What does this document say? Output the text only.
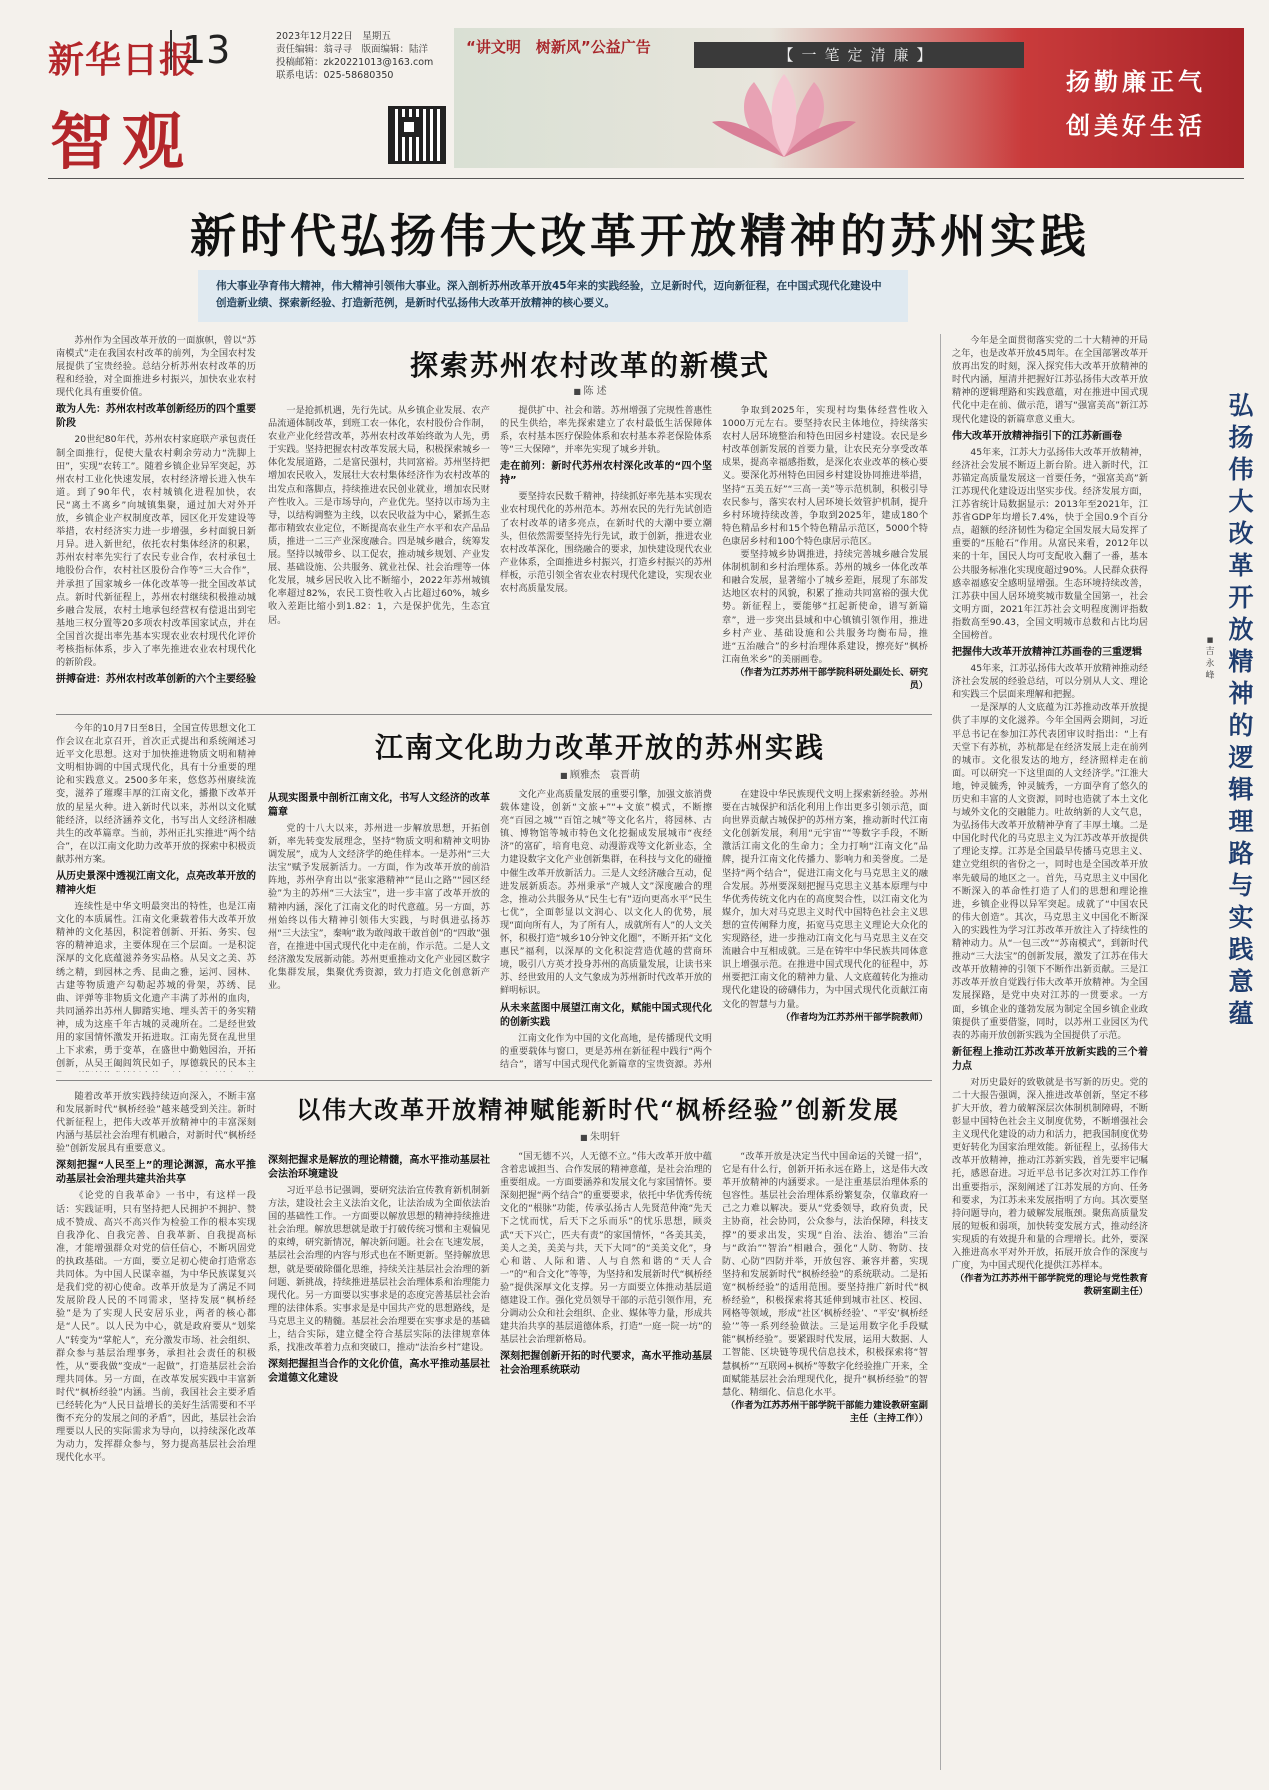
新华日报
13
智观
2023年12月22日　星期五
责任编辑：翁寻寻　版面编辑：陆洋
投稿邮箱：zk20221013@163.com
联系电话：025-58680350
“讲文明　树新风”公益广告	【一笔定清廉】
扬勤廉正气
创美好生活
新时代弘扬伟大改革开放精神的苏州实践
伟大事业孕育伟大精神，伟大精神引领伟大事业。深入剖析苏州改革开放45年来的实践经验，立足新时代，迈向新征程，在中国式现代化建设中创造新业绩、探索新经验、打造新范例，是新时代弘扬伟大改革开放精神的核心要义。
弘扬伟大改革开放精神的逻辑理路与实践意蕴
■ 吉永峰
探索苏州农村改革的新模式
■ 陈 述

苏州作为全国改革开放的一面旗帜，曾以“苏南模式”走在我国农村改革的前列，为全国农村发展提供了宝贵经验。总结分析苏州农村改革的历程和经验，对全面推进乡村振兴，加快农业农村现代化具有重要价值。

敢为人先：苏州农村改革创新经历的四个重要阶段

20世纪80年代，苏州农村家庭联产承包责任制全面推行，促使大量农村剩余劳动力“洗脚上田”，实现“农转工”。随着乡镇企业异军突起，苏州农村工业化快速发展，农村经济增长进入快车道。到了90年代，农村城镇化进程加快，农民“离土不离乡”向城镇集聚，通过加大对外开放，乡镇企业产权制度改革，园区化开发建设等举措，农村经济实力进一步增强，乡村面貌日新月异。进入新世纪，依托农村集体经济的积累，苏州农村率先实行了农民专业合作，农村承包土地股份合作，农村社区股份合作等“三大合作”，并承担了国家城乡一体化改革等一批全国改革试点。新时代新征程上，苏州农村继续积极推动城乡融合发展，农村土地承包经营权有偿退出到宅基地三权分置等20多项农村改革国家试点，并在全国首次提出率先基本实现农业农村现代化评价考核指标体系，步入了率先推进农业农村现代化的新阶段。

拼搏奋进：苏州农村改革创新的六个主要经验

一是抢抓机遇，先行先试。从乡镇企业发展、农产品流通体制改革，到班工农一体化，农村股份合作制，农业产业化经营改革，苏州农村改革始终敢为人先，勇于实践。坚持把握农村改革发展大局，积极探索城乡一体化发展道路，二是富民强村，共同富裕。苏州坚持把增加农民收入，发展壮大农村集体经济作为农村改革的出发点和落脚点，持续推进农民创业就业，增加农民财产性收入。三是市场导向，产业优先。坚持以市场为主导，以结构调整为主线，以农民收益为中心，紧抓生态都市精致农业定位，不断提高农业生产水平和农产品品质，推进一二三产业深度融合。四是城乡融合，统筹发展。坚持以城带乡、以工促农，推动城乡规划、产业发展、基础设施、公共服务、就业社保、社会治理等一体化发展，城乡居民收入比不断缩小，2022年苏州城镇化率超过82%，农民工资性收入占比超过60%，城乡收入差距比缩小到1.82：1，六是保护优先，生态宜居。

提供扩中、社会和谐。苏州增强了完规性普惠性的民生供给，率先探索建立了农村最低生活保障体系，农村基本医疗保险体系和农村基本养老保险体系等“三大保障”，并率先实现了城乡并轨。

走在前列：新时代苏州农村深化改革的“四个坚持”

要坚持农民数千精神，持续抓好率先基本实现农业农村现代化的苏州范本。苏州农民的先行先试创造了农村改革的诸多亮点，在新时代的大潮中要立潮头，但依然需要坚持先行先试，敢于创新，推进农业农村改革深化，围绕融合的要求，加快建设现代农业产业体系，全面推进乡村振兴，打造乡村振兴的苏州样板，示范引领全省农业农村现代化建设，实现农业农村高质量发展。

争取到2025年，实现村均集体经营性收入1000万元左右。要坚持农民主体地位，持续落实农村人居环境整治和特色田园乡村建设。农民是乡村改革创新发展的首要力量，让农民充分享受改革成果，提高幸福感指数，是深化农业改革的核心要义。要深化苏州特色田园乡村建设协同推进举措，坚持“五美五好”“三高一美”等示范机制，积极引导农民参与，落实农村人居环境长效管护机制，提升乡村环境持续改善，争取到2025年，建成180个特色精品乡村和15个特色精品示范区，5000个特色康居乡村和100个特色康居示范区。

要坚持城乡协调推进，持续完善城乡融合发展体制机制和乡村治理体系。苏州的城乡一体化改革和融合发展，显著缩小了城乡差距，展现了东部发达地区农村的风貌，积累了推动共同富裕的强大优势。新征程上，要能够“扛起新使命，谱写新篇章”，进一步突出县域和中心镇镇引领作用，推进乡村产业、基础设施和公共服务均衡布局，推进“五治融合”的乡村治理体系建设，擦亮好“枫桥江南鱼米乡”的美丽画卷。

（作者为江苏苏州干部学院科研处副处长、研究员）
江南文化助力改革开放的苏州实践
■ 顾雅杰　袁晋萌

今年的10月7日至8日，全国宣传思想文化工作会议在北京召开，首次正式提出和系统阐述习近平文化思想。这对于加快推进物质文明和精神文明相协调的中国式现代化，具有十分重要的理论和实践意义。2500多年来，悠悠苏州赓续流变，滋养了璀璨丰厚的江南文化，播撒下改革开放的星星火种。进入新时代以来，苏州以文化赋能经济，以经济涵养文化，书写出人文经济相融共生的改革篇章。当前，苏州正扎实推进“两个结合”，在以江南文化助力改革开放的探索中积极贡献苏州方案。

从历史景深中透视江南文化，点亮改革开放的精神火炬

连续性是中华文明最突出的特性，也是江南文化的本质属性。江南文化秉载着伟大改革开放精神的文化基因，积淀着创新、开拓、务实、包容的精神追求，主要体现在三个层面。一是积淀深厚的文化底蕴滋养务实品格。从吴文之美、苏绣之精，到园林之秀、昆曲之雅，运河、园林、古建等物质遗产勾勒起苏城的骨架，苏绣、昆曲、评弹等非物质文化遗产丰满了苏州的血肉，共同涵养出苏州人脚踏实地、埋头苦干的务实精神，成为这座千年古城的灵魂所在。二是经世致用的家国情怀激发开拓进取。江南先贤在乱世里上下求索，勇于变革，在盛世中勤勉园治，开拓创新，从吴王阖闾筑民如子，厚德载民的民本主

从现实图景中剖析江南文化，书写人文经济的改革篇章

党的十八大以来，苏州进一步解放思想，开拓创新，率先转变发展理念，坚持“物质文明和精神文明协调发展”，成为人文经济学的绝佳样本。一是苏州“三大法宝”赋予发展新活力。一方面，作为改革开放的前沿阵地，苏州孕育出以“张家港精神”“昆山之路”“园区经验”为主的苏州“三大法宝”，进一步丰富了改革开放的精神内涵，深化了江南文化的时代意蕴。另一方面，苏州始终以伟大精神引领伟大实践，与时俱进弘扬苏州“三大法宝”，秦响“敢为敢闯敢干敢首创”的“四敢”强音，在推进中国式现代化中走在前，作示范。二是人文经济激发发展新动能。苏州更重推动文化产业园区数字化集群发展，集聚优秀资源，致力打造文化创意新产业。

文化产业高质量发展的重要引擎，加强文旅消费载体建设，创新“文旅+”“+文旅”模式，不断擦亮“百园之城”“百馆之城”等文化名片，将园林、古镇、博物馆等城市特色文化挖掘成发展城市“夜经济”的富矿，培育电竞、动漫游戏等文化新业态，全力建设数字文化产业创新集群，在科技与文化的碰撞中催生改革开放新活力。三是人文经济融合互动，促进发展新质态。苏州秉承“产城人文”深度融合的理念，推动公共服务从“民生七有”迈向更高水平“民生七优”，全面彰显以文润心、以文化人的优势，展现“面向所有人，为了所有人，成就所有人”的人文关怀，积极打造“城乡10分钟文化圈”，不断开拓“文化惠民”福利，以深厚的文化积淀营造优越的营商环境，吸引八方英才投身苏州的高质量发展，让读书来苏、经世致用的人文气象成为苏州新时代改革开放的鲜明标识。

从未来蓝图中展望江南文化，赋能中国式现代化的创新实践

江南文化作为中国的文化高地，是传播现代文明的重要载体与窗口，更是苏州在新征程中践行“两个结合”，谱写中国式现代化新篇章的宝贵资源。苏州

在建设中华民族现代文明上探索新经验。苏州要在古城保护和活化利用上作出更多引领示范，面向世界贡献古城保护的苏州方案，推动新时代江南文化创新发展，利用“元宇宙”“等数字手段，不断激活江南文化的生命力；全力打响“江南文化”品牌，提升江南文化传播力、影响力和美誉度。二是坚持“两个结合”，促进江南文化与马克思主义的融合发展。苏州要深刻把握马克思主义基本原理与中华优秀传统文化内在的高度契合性，以江南文化为媒介，加大对马克思主义时代中国特色社会主义思想的宣传阐释力度，拓宽马克思主义理论大众化的实现路径，进一步推动江南文化与马克思主义在交流融合中互相成就。三是在铸牢中华民族共同体意识上增强示范。在推进中国式现代化的征程中，苏州要把江南文化的精神力量、人文底蕴转化为推动现代化建设的磅礴伟力，为中国式现代化贡献江南文化的智慧与力量。

（作者均为江苏苏州干部学院教师）
以伟大改革开放精神赋能新时代“枫桥经验”创新发展
■ 朱明轩

随着改革开放实践持续迈向深入，不断丰富和发展新时代“枫桥经验”越来越受到关注。新时代新征程上，把伟大改革开放精神中的丰富深刻内涵与基层社会治理有机融合，对新时代“枫桥经验”创新发展具有重要意义。

深刻把握“人民至上”的理论渊源，高水平推动基层社会治理共建共治共享

《论党的自我革命》一书中，有这样一段话：实践证明，只有坚持把人民拥护不拥护、赞成不赞成、高兴不高兴作为检验工作的根本实现自我净化、自我完善、自我革新、自我提高标准，才能增强群众对党的信任信心，不断巩固党的执政基础。一方面，要立足初心使命打造常态共同体。为中国人民谋幸福，为中华民族谋复兴是我们党的初心使命。改革开放是为了满足不同发展阶段人民的不同需求，坚持发展“枫桥经验”是为了实现人民安居乐业，两者的核心都是“人民”。以人民为中心，就是政府要从“划桨人”转变为“掌舵人”，充分激发市场、社会组织、群众参与基层治理事务，承担社会责任的积极性，从“要我做”变成“一起做”，打造基层社会治理共同体。另一方面，在改革发展实践中丰富新时代“枫桥经验”内涵。当前，我国社会主要矛盾已经转化为“人民日益增长的美好生活需要和不平衡不充分的发展之间的矛盾”，因此，基层社会治理要以人民的实际需求为导向，以持续深化改革为动力，发挥群众参与，努力提高基层社会治理现代化水平。

深刻把握求是解放的理论精髓，高水平推动基层社会法治环境建设

习近平总书记强调，要研究法治宣传教育新机制新方法，建设社会主义法治文化，让法治成为全面依法治国的基础性工作。一方面要以解放思想的精神持续推进社会治理。解放思想就是敢于打破传统习惯和主观偏见的束缚，研究新情况，解决新问题。社会在飞速发展，基层社会治理的内容与形式也在不断更新。坚持解放思想，就是要破除僵化思维，持续关注基层社会治理的新问题、新挑战，持续推进基层社会治理体系和治理能力现代化。另一方面要以实事求是的态度完善基层社会治理的法律体系。实事求是是中国共产党的思想路线，是马克思主义的精髓。基层社会治理要在实事求是的基础上，结合实际，建立健全符合基层实际的法律规章体系，找准改革着力点和突破口，推动“法治乡村”建设。

深刻把握担当合作的文化价值，高水平推动基层社会道德文化建设

“国无德不兴，人无德不立。”伟大改革开放中蕴含着忠诚担当、合作发展的精神意蕴，是社会治理的重要组成。一方面要涵养和发展文化与家国情怀。要深刻把握“两个结合”的重要要求，依托中华优秀传统文化的“根脉”功能，传承弘扬古人先贤范仲淹“先天下之忧而忧，后天下之乐而乐”的忧乐思想，顾炎武“天下兴亡，匹夫有责”的家国情怀，“各美其美，美人之美，美美与共，天下大同”的“美美文化”，身心和谐、人际和谐、人与自然和谐的“天人合一”的“和合文化”等等，为坚持和发展新时代“枫桥经验”提供深厚文化支撑。另一方面要立体推动基层道德建设工作。强化党员领导干部的示范引领作用，充分调动公众和社会组织、企业、媒体等力量，形成共建共治共享的基层道德体系，打造“一庭一院一坊”的基层社会治理新格局。

深刻把握创新开拓的时代要求，高水平推动基层社会治理系统联动

“改革开放是决定当代中国命运的关键一招”，它是有什么行，创新开拓永远在路上，这是伟大改革开放精神的内涵要求。一是注重基层治理体系的包容性。基层社会治理体系纷繁复杂，仅靠政府一己之力难以解决。要从“党委领导，政府负责，民主协商，社会协同，公众参与，法治保障，科技支撑”的要求出发，实现“自治、法治、德治”三治与“政治”“智治”相融合，强化“人防、物防、技防、心防”四防并举，开放包容、兼容并蓄，实现坚持和发展新时代“枫桥经验”的系统联动。二是拓宽“枫桥经验”的适用范围。要坚持推广新时代“枫桥经验”，积极探索将其延伸到城市社区、校园、网格等领域，形成“社区‘枫桥经验’、“平安‘枫桥经验’”等一系列经验做法。三是运用数字化手段赋能“枫桥经验”。要紧跟时代发展，运用大数据、人工智能、区块链等现代信息技术，积极探索将“智慧枫桥”“互联网+枫桥”等数字化经验推广开来，全面赋能基层社会治理现代化，提升“枫桥经验”的智慧化、精细化、信息化水平。

（作者为江苏苏州干部学院干部能力建设教研室副主任（主持工作））

今年是全面贯彻落实党的二十大精神的开局之年，也是改革开放45周年。在全国部署改革开放再出发的时刻，深入探究伟大改革开放精神的时代内涵，厘清并把握好江苏弘扬伟大改革开放精神的逻辑理路和实践意蕴，对在推进中国式现代化中走在前、做示范，谱写“强富美高”新江苏现代化建设的新篇章意义重大。

伟大改革开放精神指引下的江苏新画卷

45年来，江苏大力弘扬伟大改革开放精神，经济社会发展不断迈上新台阶。进入新时代，江苏锚定高质量发展这一首要任务，“强富美高”新江苏现代化建设迈出坚实步伐。经济发展方面，江苏省统计局数据显示：2013年至2021年，江苏省GDP年均增长7.4%，快于全国0.9个百分点，超额的经济韧性为稳定全国发展大局发挥了重要的“压舱石”作用。从富民来看，2012年以来的十年，国民人均可支配收入翻了一番，基本公共服务标准化实现度超过90%。人民群众获得感幸福感安全感明显增强。生态环境持续改善，江苏获中国人居环境奖城市数量全国第一，社会文明方面，2021年江苏社会文明程度测评指数指数高至90.43，全国文明城市总数和占比均居全国榜首。

把握伟大改革开放精神江苏画卷的三重逻辑

45年来，江苏弘扬伟大改革开放精神推动经济社会发展的经验总结，可以分别从人文、理论和实践三个层面来理解和把握。

一是深厚的人文底蕴为江苏推动改革开放提供了丰厚的文化滋养。今年全国两会期间，习近平总书记在参加江苏代表团审议时指出：“上有天堂下有苏杭，苏杭都是在经济发展上走在前列的城市。文化很发达的地方，经济照样走在前面。可以研究一下这里面的人文经济学。”江淮大地，钟灵毓秀，钟灵毓秀，一方面孕育了悠久的历史和丰富的人文资源，同时也造就了本土文化与域外文化的交融能力。吐故纳新的人文气息，为弘扬伟大改革开放精神孕育了丰厚土壤。二是中国化时代化的马克思主义为江苏改革开放提供了理论支撑。江苏是全国最早传播马克思主义、建立党组织的省份之一，同时也是全国改革开放率先破局的地区之一。首先，马克思主义中国化不断深入的革命性打造了人们的思想和理论推进，乡镇企业得以异军突起。成就了“中国农民的伟大创造”。其次，马克思主义中国化不断深入的实践性为学习江苏改革开放注入了持续性的精神动力。从“一包三改”“苏南模式”，到新时代推动“三大法宝”的创新发展，激发了江苏在伟大改革开放精神的引领下不断作出新贡献。三是江苏改革开放自觉践行伟大改革开放精神。为全国发展探路，是党中央对江苏的一贯要求。一方面，乡镇企业的蓬勃发展为制定全国乡镇企业政策提供了重要借鉴，同时，以苏州工业园区为代表的苏南开放创新实践为全国提供了示范。

新征程上推动江苏改革开放新实践的三个着力点

对历史最好的致敬就是书写新的历史。党的二十大报告强调，深入推进改革创新，坚定不移扩大开放，着力破解深层次体制机制障碍，不断彰显中国特色社会主义制度优势，不断增强社会主义现代化建设的动力和活力，把我国制度优势更好转化为国家治理效能。新征程上，弘扬伟大改革开放精神，推动江苏新实践，首先要牢记嘱托，感恩奋进。习近平总书记多次对江苏工作作出重要指示，深刻阐述了江苏发展的方向、任务和要求，为江苏未来发展指明了方向。其次要坚持问题导向，着力破解发展瓶颈。聚焦高质量发展的短板和弱项，加快转变发展方式，推动经济实现质的有效提升和量的合理增长。此外，要深入推进高水平对外开放，拓展开放合作的深度与广度，为中国式现代化提供江苏样本。

（作者为江苏苏州干部学院党的理论与党性教育教研室副主任）
